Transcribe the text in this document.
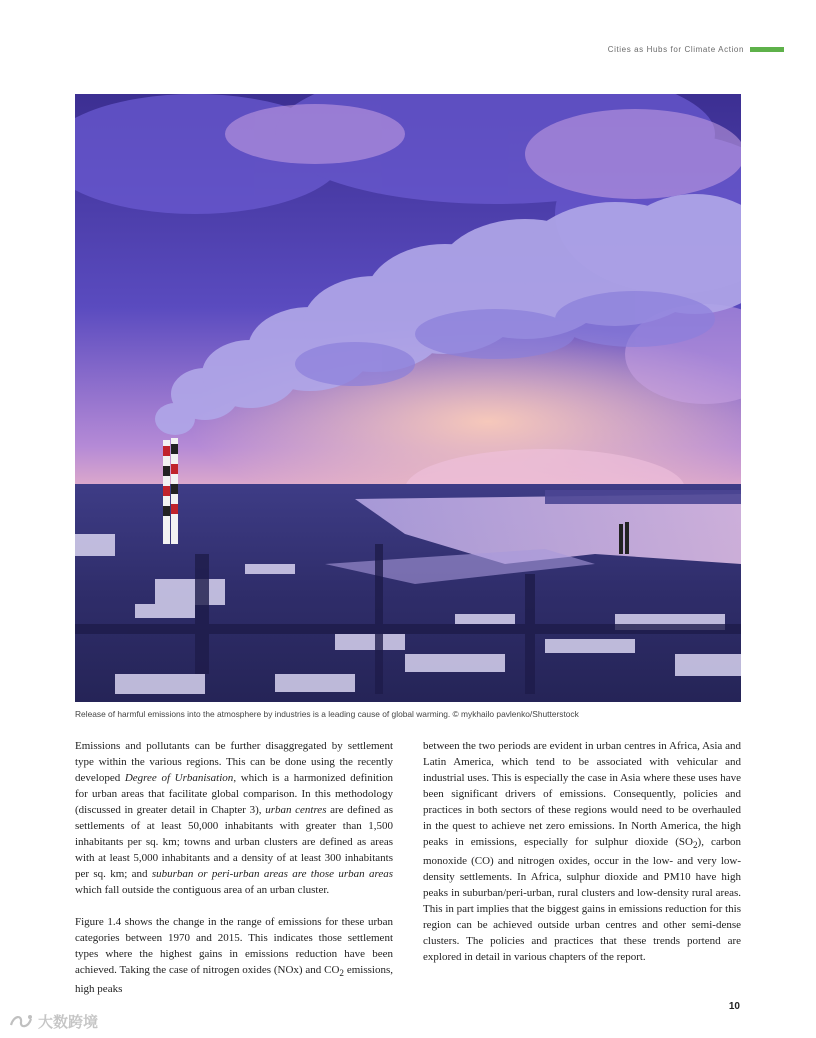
Cities as Hubs for Climate Action
Release of harmful emissions into the atmosphere by industries is a leading cause of global warming. © mykhailo pavlenko/Shutterstock

Emissions and pollutants can be further disaggregated by settlement type within the various regions. This can be done using the recently developed Degree of Urbanisation, which is a harmonized definition for urban areas that facilitate global comparison. In this methodology (discussed in greater detail in Chapter 3), urban centres are defined as settlements of at least 50,000 inhabitants with greater than 1,500 inhabitants per sq. km; towns and urban clusters are defined as areas with at least 5,000 inhabitants and a density of at least 300 inhabitants per sq. km; and suburban or peri-urban areas are those urban areas which fall outside the contiguous area of an urban cluster.

Figure 1.4 shows the change in the range of emissions for these urban categories between 1970 and 2015. This indicates those settlement types where the highest gains in emissions reduction have been achieved. Taking the case of nitrogen oxides (NOx) and $CO_2$ emissions, high peaks

between the two periods are evident in urban centres in Africa, Asia and Latin America, which tend to be associated with vehicular and industrial uses. This is especially the case in Asia where these uses have been significant drivers of emissions. Consequently, policies and practices in both sectors of these regions would need to be overhauled in the quest to achieve net zero emissions. In North America, the high peaks in emissions, especially for sulphur dioxide $(SO_2)$, carbon monoxide (CO) and nitrogen oxides, occur in the low- and very low-density settlements. In Africa, sulphur dioxide and PM10 have high peaks in suburban/peri-urban, rural clusters and low-density rural areas. This in part implies that the biggest gains in emissions reduction for this region can be achieved outside urban centres and other semi-dense clusters. The policies and practices that these trends portend are explored in detail in various chapters of the report.

10
大数跨境
